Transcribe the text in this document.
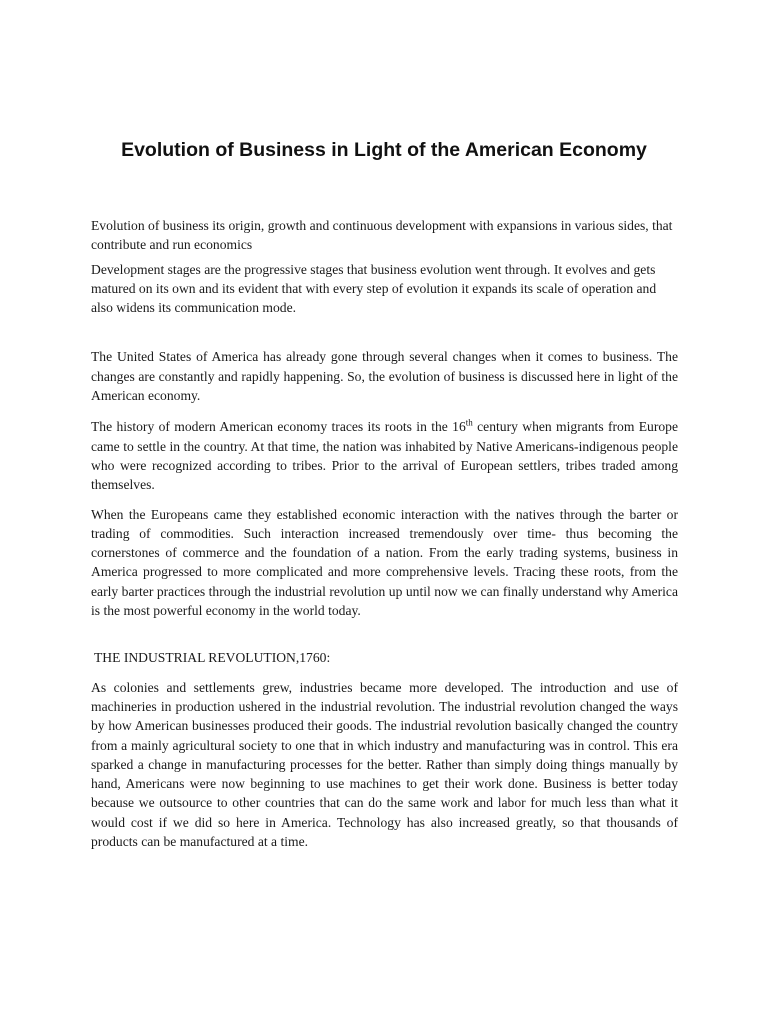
Evolution of Business in Light of the American Economy

Evolution of business its origin, growth and continuous development with expansions in various sides, that contribute and run economics

Development stages are the progressive stages that business evolution went through. It evolves and gets matured on its own and its evident that with every step of evolution it expands its scale of operation and also widens its communication mode.

The United States of America has already gone through several changes when it comes to business. The changes are constantly and rapidly happening. So, the evolution of business is discussed here in light of the American economy.

The history of modern American economy traces its roots in the 16th century when migrants from Europe came to settle in the country. At that time, the nation was inhabited by Native Americans-indigenous people who were recognized according to tribes. Prior to the arrival of European settlers, tribes traded among themselves.

When the Europeans came they established economic interaction with the natives through the barter or trading of commodities. Such interaction increased tremendously over time- thus becoming the cornerstones of commerce and the foundation of a nation. From the early trading systems, business in America progressed to more complicated and more comprehensive levels. Tracing these roots, from the early barter practices through the industrial revolution up until now we can finally understand why America is the most powerful economy in the world today.

THE INDUSTRIAL REVOLUTION,1760:

As colonies and settlements grew, industries became more developed. The introduction and use of machineries in production ushered in the industrial revolution. The industrial revolution changed the ways by how American businesses produced their goods. The industrial revolution basically changed the country from a mainly agricultural society to one that in which industry and manufacturing was in control. This era sparked a change in manufacturing processes for the better. Rather than simply doing things manually by hand, Americans were now beginning to use machines to get their work done. Business is better today because we outsource to other countries that can do the same work and labor for much less than what it would cost if we did so here in America. Technology has also increased greatly, so that thousands of products can be manufactured at a time.
